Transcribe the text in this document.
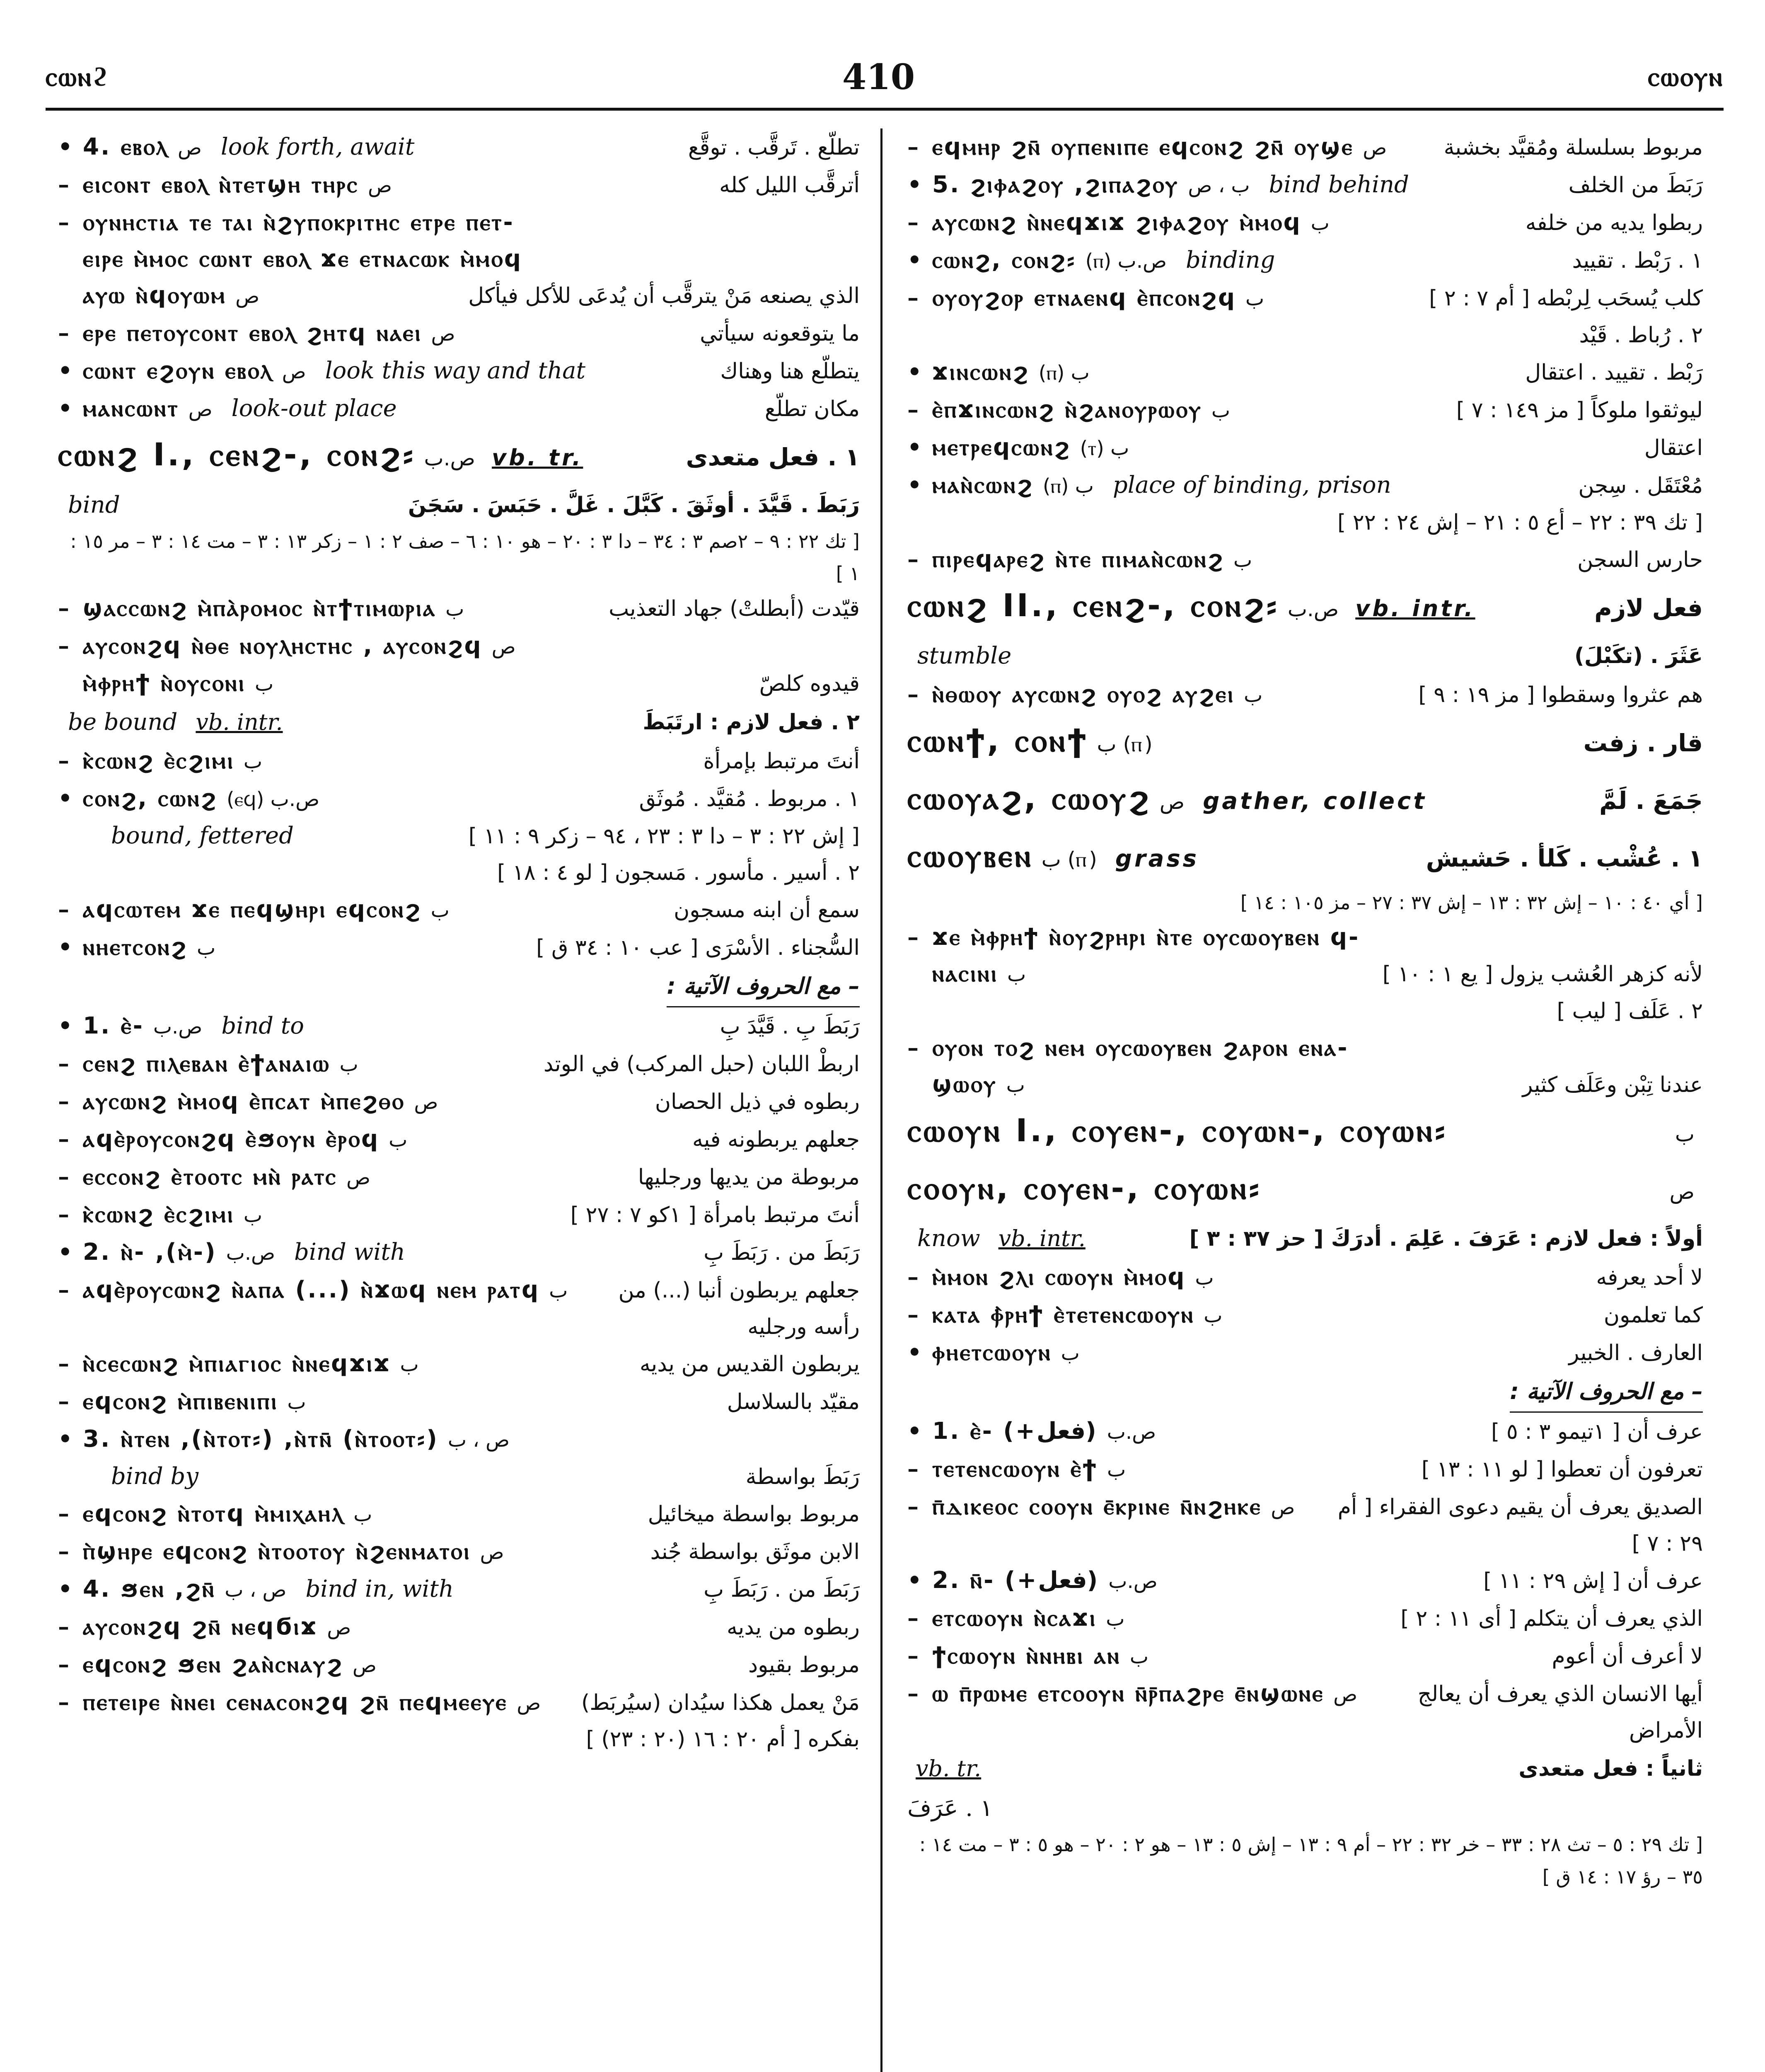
ⲥⲱⲛϩ	410	ⲥⲱⲟⲩⲛ
• 4. ⲉⲃⲟⲗ ص look forth, await	تطلّع . تَرقَّب . توقَّع
– ⲉⲓⲥⲟⲛⲧ ⲉⲃⲟⲗ ⲛ̀ⲧⲉⲧϣⲏ ⲧⲏⲣⲥ ص	أترقَّب الليل كله
– ⲟⲩⲛⲏⲥⲧⲓⲁ ⲧⲉ ⲧⲁⲓ ⲛ̀ϩⲩⲡⲟⲕⲣⲓⲧⲏⲥ ⲉⲧⲣⲉ ⲡⲉⲧ-
ⲉⲓⲣⲉ ⲙ̀ⲙⲟⲥ ⲥⲱⲛⲧ ⲉⲃⲟⲗ ϫⲉ ⲉⲧⲛⲁⲥⲱⲕ ⲙ̀ⲙⲟϥ
ⲁⲩⲱ ⲛ̀ϥⲟⲩⲱⲙ ص	الذي يصنعه مَنْ يترقَّب أن يُدعَى للأكل فيأكل
– ⲉⲣⲉ ⲡⲉⲧⲟⲩⲥⲟⲛⲧ ⲉⲃⲟⲗ ϩⲏⲧϥ ⲛⲁⲉⲓ ص	ما يتوقعونه سيأتي
• ⲥⲱⲛⲧ ⲉϩⲟⲩⲛ ⲉⲃⲟⲗ ص look this way and that	يتطلّع هنا وهناك
• ⲙⲁⲛⲥⲱⲛⲧ ص look-out place	مكان تطلّع
ⲥⲱⲛϩ I., ⲥⲉⲛϩ-, ⲥⲟⲛϩ⸗ ص.ب vb. tr.	١ . فعل متعدى
bind	رَبَطَ . قَيَّدَ . أوثَقَ . كَبَّلَ . غَلَّ . حَبَسَ . سَجَنَ
[ تك ٢٢ : ٩ – ٢صم ٣ : ٣٤ – دا ٣ : ٢٠ – هو ١٠ : ٦ – صف ٢ : ١ – زكر ١٣ : ٣ – مت ١٤ : ٣ – مر ١٥ : ١ ]
– ϣⲁⲥⲥⲱⲛϩ ⲙ̀ⲡⲁ̀ⲣⲟⲙⲟⲥ ⲛ̀ⲧϯⲧⲓⲙⲱⲣⲓⲁ ب	قيّدت (أبطلتْ) جهاد التعذيب
– ⲁⲩⲥⲟⲛϩϥ ⲛ̀ⲑⲉ ⲛⲟⲩⲗⲏⲥⲧⲏⲥ , ⲁⲩⲥⲟⲛϩϥ ص
ⲙ̀ⲫⲣⲏϯ ⲛ̀ⲟⲩⲥⲟⲛⲓ ب	قيدوه كلصّ
be bound vb. intr.	٢ . فعل لازم : ارتَبَطَ
– ⲕ̀ⲥⲱⲛϩ ⲉ̀ⲥϩⲓⲙⲓ ب	أنتَ مرتبط بإمرأة
• ⲥⲟⲛϩ, ⲥⲱⲛϩ ص.ب (ⲉϥ)	١ . مربوط . مُقيَّد . مُوثَق
bound, fettered	[ إش ٢٢ : ٣ – دا ٣ : ٢٣ ، ٩٤ – زكر ٩ : ١١ ]
٢ . أسير . مأسور . مَسجون [ لو ٤ : ١٨ ]
– ⲁϥⲥⲱⲧⲉⲙ ϫⲉ ⲡⲉϥϣⲏⲣⲓ ⲉϥⲥⲟⲛϩ ب	سمع أن ابنه مسجون
• ⲛⲏⲉⲧⲥⲟⲛϩ ب	السُّجناء . الأسْرَى [ عب ١٠ : ٣٤ ق ]
– مع الحروف الآتية :
• 1. ⲉ̀- ص.ب bind to	رَبَطَ بِ . قَيَّدَ بِ
– ⲥⲉⲛϩ ⲡⲓⲗⲉⲃⲁⲛ ⲉ̀ϯⲁⲛⲁⲓⲱ ب	اربطْ اللبان (حبل المركب) في الوتد
– ⲁⲩⲥⲱⲛϩ ⲙ̀ⲙⲟϥ ⲉ̀ⲡⲥⲁⲧ ⲙ̀ⲡⲉϩⲑⲟ ص	ربطوه في ذيل الحصان
– ⲁϥⲉ̀ⲣⲟⲩⲥⲟⲛϩϥ ⲉ̀ϧⲟⲩⲛ ⲉ̀ⲣⲟϥ ب	جعلهم يربطونه فيه
– ⲉⲥⲥⲟⲛϩ ⲉ̀ⲧⲟⲟⲧⲥ ⲙⲛ̀ ⲣⲁⲧⲥ ص	مربوطة من يديها ورجليها
– ⲕ̀ⲥⲱⲛϩ ⲉ̀ⲥϩⲓⲙⲓ ب	أنتَ مرتبط بامرأة [ ١كو ٧ : ٢٧ ]
• 2. ⲛ̀- ,(ⲙ̀-) ص.ب bind with	رَبَطَ من . رَبَطَ بِ
– ⲁϥⲉ̀ⲣⲟⲩⲥⲱⲛϩ ⲛ̀ⲁⲡⲁ (...) ⲛ̀ϫⲱϥ ⲛⲉⲙ ⲣⲁⲧϥ ب	جعلهم يربطون أنبا (...) من رأسه ورجليه
– ⲛ̀ⲥⲉⲥⲱⲛϩ ⲙ̀ⲡⲓⲁⲅⲓⲟⲥ ⲛ̀ⲛⲉϥϫⲓϫ ب	يربطون القديس من يديه
– ⲉϥⲥⲟⲛϩ ⲙ̀ⲡⲓⲃⲉⲛⲓⲡⲓ ب	مقيّد بالسلاسل
• 3. ⲛ̀ⲧⲉⲛ ,(ⲛ̀ⲧⲟⲧ⸗) ,ⲛ̀ⲧⲛ̄ (ⲛ̀ⲧⲟⲟⲧ⸗) ص ، ب
bind by	رَبَطَ بواسطة
– ⲉϥⲥⲟⲛϩ ⲛ̀ⲧⲟⲧϥ ⲙ̀ⲙⲓⲭⲁⲏⲗ ب	مربوط بواسطة ميخائيل
– ⲡ̀ϣⲏⲣⲉ ⲉϥⲥⲟⲛϩ ⲛ̀ⲧⲟⲟⲧⲟⲩ ⲛ̀ϩⲉⲛⲙⲁⲧⲟⲓ ص	الابن موثَق بواسطة جُند
• 4. ϧⲉⲛ ,ϩⲛ̄ ص ، ب bind in, with	رَبَطَ من . رَبَطَ بِ
– ⲁⲩⲥⲟⲛϩϥ ϩⲛ̄ ⲛⲉϥϭⲓϫ ص	ربطوه من يديه
– ⲉϥⲥⲟⲛϩ ϧⲉⲛ ϩⲁⲛ̀ⲥⲛⲁⲩϩ ص	مربوط بقيود
– ⲡⲉⲧⲉⲓⲣⲉ ⲛ̀ⲛⲉⲓ ⲥⲉⲛⲁⲥⲟⲛϩϥ ϩⲛ̄ ⲡⲉϥⲙⲉⲉⲩⲉ ص	مَنْ يعمل هكذا سيُدان (سيُربَط) بفكره [ أم ٢٠ : ١٦ (٢٠ : ٢٣) ]
– ⲉϥⲙⲏⲣ ϩⲛ̄ ⲟⲩⲡⲉⲛⲓⲡⲉ ⲉϥⲥⲟⲛϩ ϩⲛ̄ ⲟⲩϣⲉ ص	مربوط بسلسلة ومُقيَّد بخشبة
• 5. ϩⲓⲫⲁϩⲟⲩ ,ϩⲓⲡⲁϩⲟⲩ ب ، ص bind behind	رَبَطَ من الخلف
– ⲁⲩⲥⲱⲛϩ ⲛ̀ⲛⲉϥϫⲓϫ ϩⲓⲫⲁϩⲟⲩ ⲙ̀ⲙⲟϥ ب	ربطوا يديه من خلفه
• ⲥⲱⲛϩ, ⲥⲟⲛϩ⸗ ص.ب (ⲡ) binding	١ . رَبْط . تقييد
– ⲟⲩⲟⲩϩⲟⲣ ⲉⲧⲛⲁⲉⲛϥ ⲉ̀ⲡⲥⲟⲛϩϥ ب	كلب يُسحَب لِربْطه [ أم ٧ : ٢ ]
٢ . رُباط . قَيْد
• ϫⲓⲛⲥⲱⲛϩ ب (ⲡ)	رَبْط . تقييد . اعتقال
– ⲉ̀ⲡϫⲓⲛⲥⲱⲛϩ ⲛ̀ϩⲁⲛⲟⲩⲣⲱⲟⲩ ب	ليوثقوا ملوكاً [ مز ١٤٩ : ٧ ]
• ⲙⲉⲧⲣⲉϥⲥⲱⲛϩ ب (ⲧ)	اعتقال
• ⲙⲁⲛ̀ⲥⲱⲛϩ ب (ⲡ) place of binding, prison	مُعْتَقَل . سِجن
[ تك ٣٩ : ٢٢ – أع ٥ : ٢١ – إش ٢٤ : ٢٢ ]
– ⲡⲓⲣⲉϥⲁⲣⲉϩ ⲛ̀ⲧⲉ ⲡⲓⲙⲁⲛ̀ⲥⲱⲛϩ ب	حارس السجن
ⲥⲱⲛϩ II., ⲥⲉⲛϩ-, ⲥⲟⲛϩ⸗ ص.ب vb. intr.	فعل لازم
stumble	عَثَرَ . (تكَبْلَ)
– ⲛ̀ⲑⲱⲟⲩ ⲁⲩⲥⲱⲛϩ ⲟⲩⲟϩ ⲁⲩϩⲉⲓ ب	هم عثروا وسقطوا [ مز ١٩ : ٩ ]
ⲥⲱⲛϯ, ⲥⲟⲛϯ ب (ⲡ)	قار . زفت
ⲥⲱⲟⲩⲁϩ, ⲥⲱⲟⲩϩ ص gather, collect	جَمَعَ . لَمَّ
ⲥⲱⲟⲩⲃⲉⲛ ب (ⲡ) grass	١ . عُشْب . كَلأ . حَشيش
[ أي ٤٠ : ١٠ – إش ٣٢ : ١٣ – إش ٣٧ : ٢٧ – مز ١٠٥ : ١٤ ]
– ϫⲉ ⲙ̀ⲫⲣⲏϯ ⲛ̀ⲟⲩϩⲣⲏⲣⲓ ⲛ̀ⲧⲉ ⲟⲩⲥⲱⲟⲩⲃⲉⲛ ϥ-
ⲛⲁⲥⲓⲛⲓ ب	لأنه كزهر العُشب يزول [ يع ١ : ١٠ ]
٢ . عَلَف [ ليب ]
– ⲟⲩⲟⲛ ⲧⲟϩ ⲛⲉⲙ ⲟⲩⲥⲱⲟⲩⲃⲉⲛ ϩⲁⲣⲟⲛ ⲉⲛⲁ-
ϣⲱⲟⲩ ب	عندنا تِبْن وعَلَف كثير
ⲥⲱⲟⲩⲛ I., ⲥⲟⲩⲉⲛ-, ⲥⲟⲩⲱⲛ-, ⲥⲟⲩⲱⲛ⸗	ب
ⲥⲟⲟⲩⲛ, ⲥⲟⲩⲉⲛ-, ⲥⲟⲩⲱⲛ⸗	ص
know vb. intr.	أولاً : فعل لازم : عَرَفَ . عَلِمَ . أدرَكَ [ حز ٣٧ : ٣ ]
– ⲙ̀ⲙⲟⲛ ϩⲗⲓ ⲥⲱⲟⲩⲛ ⲙ̀ⲙⲟϥ ب	لا أحد يعرفه
– ⲕⲁⲧⲁ ⲫ̀ⲣⲏϯ ⲉ̀ⲧⲉⲧⲉⲛⲥⲱⲟⲩⲛ ب	كما تعلمون
• ⲫⲏⲉⲧⲥⲱⲟⲩⲛ ب	العارف . الخبير
– مع الحروف الآتية :
• 1. ⲉ̀- (+فعل) ص.ب	عرف أن [ ١تيمو ٣ : ٥ ]
– ⲧⲉⲧⲉⲛⲥⲱⲟⲩⲛ ⲉ̀ϯ ب	تعرفون أن تعطوا [ لو ١١ : ١٣ ]
– ⲡ̄ⲇⲓⲕⲉⲟⲥ ⲥⲟⲟⲩⲛ ⲉ̄ⲕⲣⲓⲛⲉ ⲛ̄ⲛϩⲏⲕⲉ ص	الصديق يعرف أن يقيم دعوى الفقراء [ أم ٢٩ : ٧ ]
• 2. ⲛ̄- (+فعل) ص.ب	عرف أن [ إش ٢٩ : ١١ ]
– ⲉⲧⲥⲱⲟⲩⲛ ⲛ̀ⲥⲁϫⲓ ب	الذي يعرف أن يتكلم [ أى ١١ : ٢ ]
– ϯⲥⲱⲟⲩⲛ ⲛ̀ⲛⲏⲃⲓ ⲁⲛ ب	لا أعرف أن أعوم
– ⲱ ⲡ̄ⲣⲱⲙⲉ ⲉⲧⲥⲟⲟⲩⲛ ⲛ̄ⲣ̄ⲡⲁϩⲣⲉ ⲉ̄ⲛϣⲱⲛⲉ ص	أيها الانسان الذي يعرف أن يعالج الأمراض
vb. tr.	ثانياً : فعل متعدى
١ . عَرَفَ
[ تك ٢٩ : ٥ – تث ٢٨ : ٣٣ – خر ٣٢ : ٢٢ – أم ٩ : ١٣ – إش ٥ : ١٣ – هو ٢ : ٢٠ – هو ٥ : ٣ – مت ١٤ : ٣٥ – رؤ ١٧ : ١٤ ق ]
